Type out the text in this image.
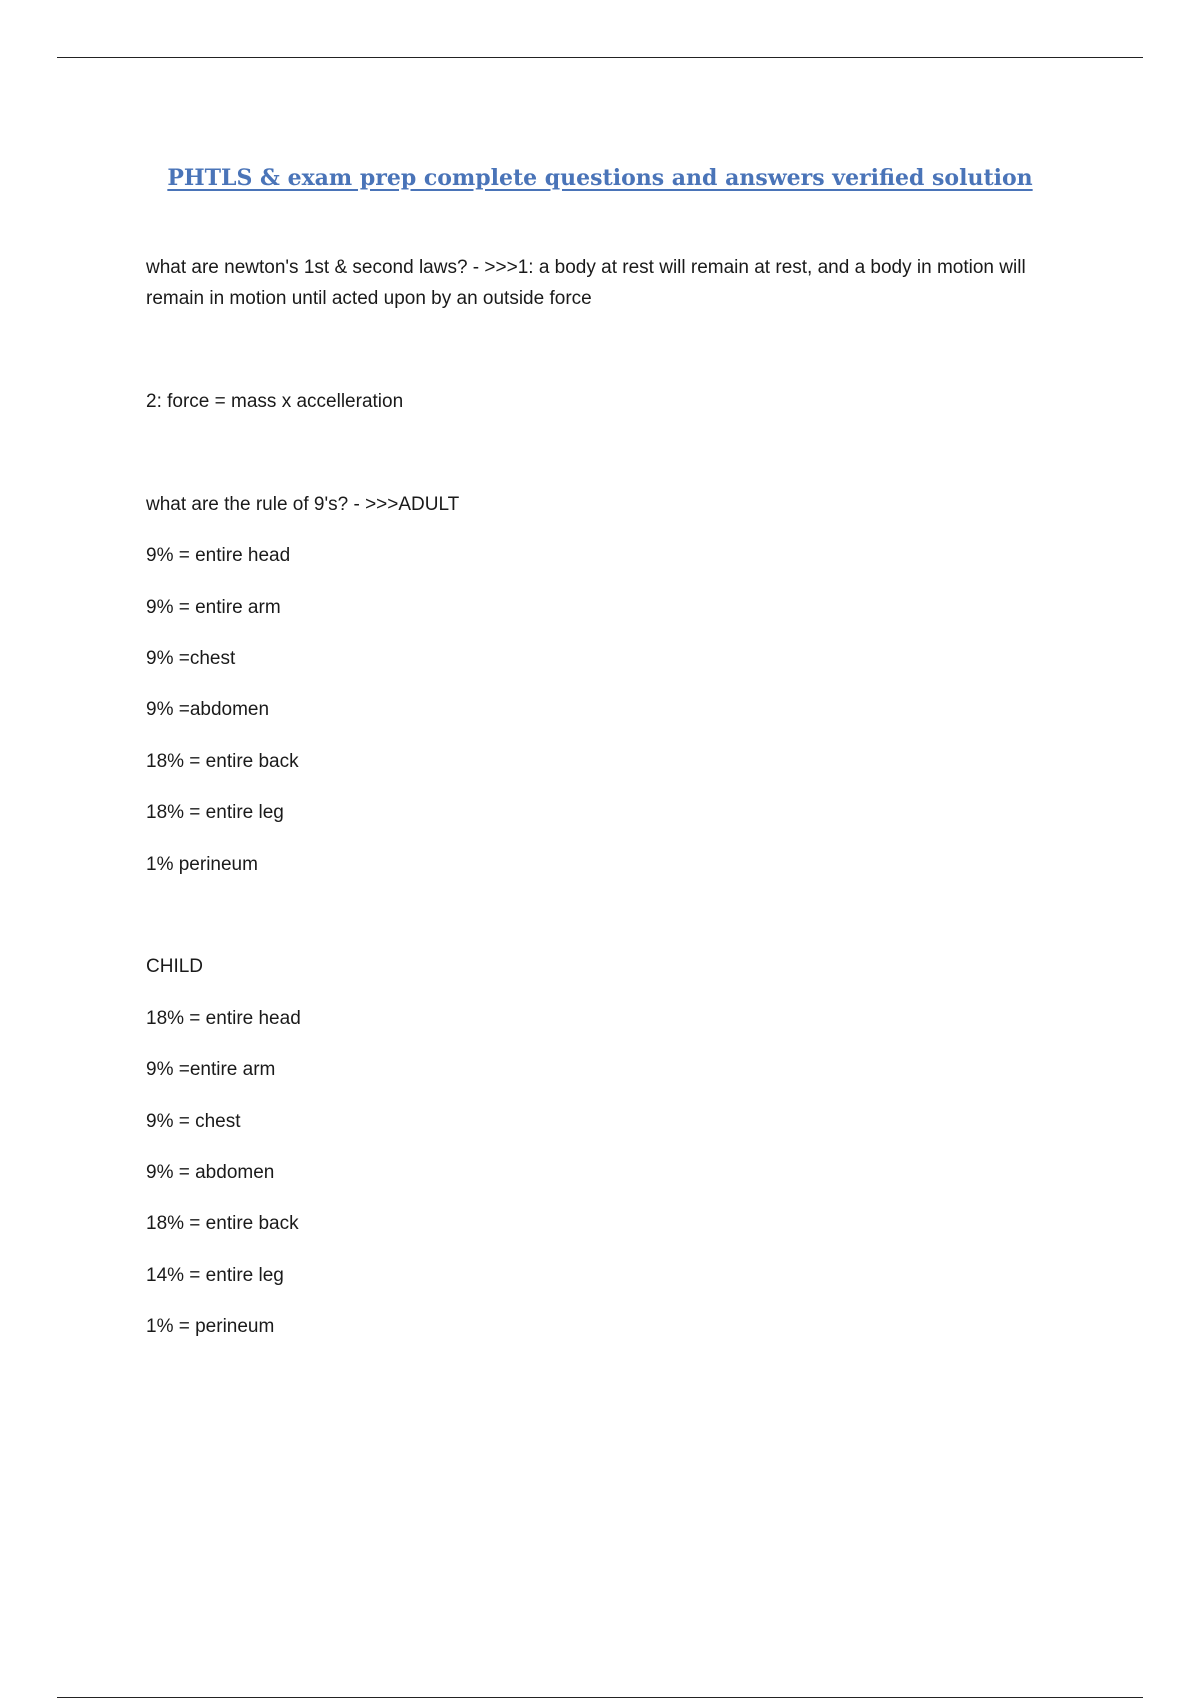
PHTLS & exam prep complete questions and answers verified solution
what are newton's 1st & second laws? - >>>1: a body at rest will remain at rest, and a body in motion will remain in motion until acted upon by an outside force
2: force = mass x accelleration
what are the rule of 9's? - >>>ADULT
9% = entire head
9% = entire arm
9% =chest
9% =abdomen
18% = entire back
18% = entire leg
1% perineum
CHILD
18% = entire head
9% =entire arm
9% = chest
9% = abdomen
18% = entire back
14% = entire leg
1% = perineum
